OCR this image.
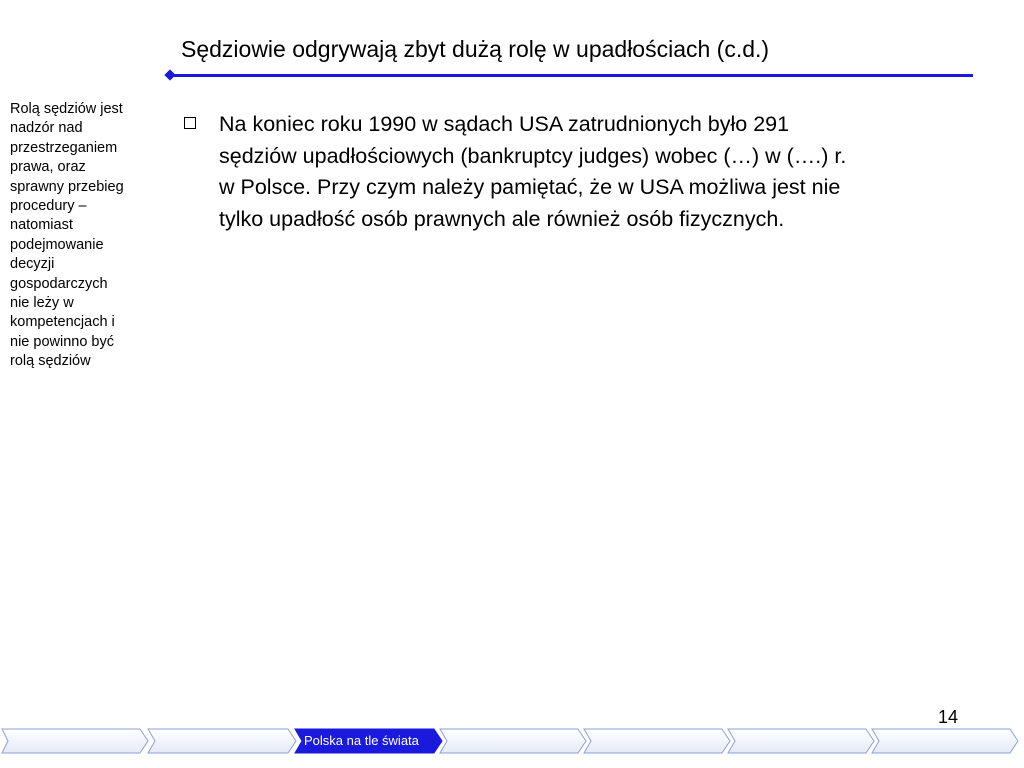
Sędziowie odgrywają zbyt dużą rolę w upadłościach (c.d.)

Rolą sędziów jest
nadzór nad
przestrzeganiem
prawa, oraz
sprawny przebieg
procedury –
natomiast
podejmowanie
decyzji
gospodarczych
nie leży w
kompetencjach i
nie powinno być
rolą sędziów

Na koniec roku 1990 w sądach USA zatrudnionych było 291
sędziów upadłościowych (bankruptcy judges) wobec (…) w (….) r.
w Polsce. Przy czym należy pamiętać, że w USA możliwa jest nie
tylko upadłość osób prawnych ale również osób fizycznych.
14
Polska na tle świata
